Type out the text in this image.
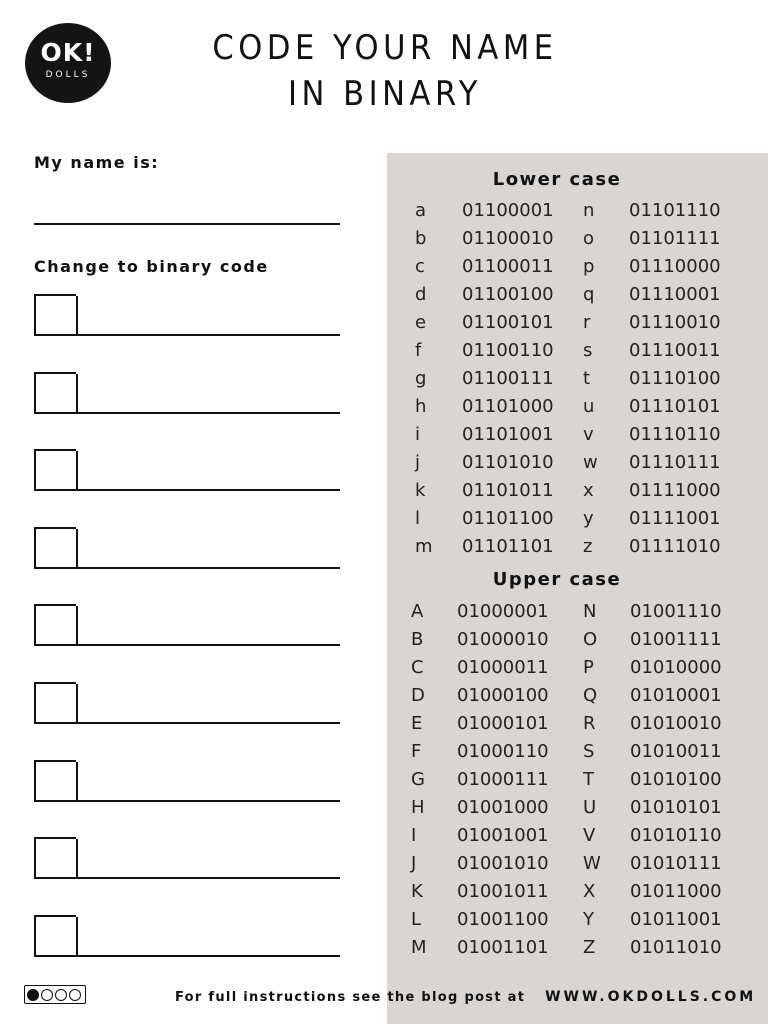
OK!
DOLLS
CODE YOUR NAME
IN BINARY
My name is:
Change to binary code
Lower case
a 01100001 n 01101110
b 01100010 o 01101111
c 01100011 p 01110000
d 01100100 q 01110001
e 01100101 r 01110010
f 01100110 s 01110011
g 01100111 t 01110100
h 01101000 u 01110101
i 01101001 v 01110110
j 01101010 w 01110111
k 01101011 x 01111000
l 01101100 y 01111001
m 01101101 z 01111010
Upper case
A 01000001 N 01001110
B 01000010 O 01001111
C 01000011 P 01010000
D 01000100 Q 01010001
E 01000101 R 01010010
F 01000110 S 01010011
G 01000111 T 01010100
H 01001000 U 01010101
I 01001001 V 01010110
J 01001010 W 01010111
K 01001011 X 01011000
L 01001100 Y 01011001
M 01001101 Z 01011010
For full instructions see the blog post at WWW.OKDOLLS.COM
